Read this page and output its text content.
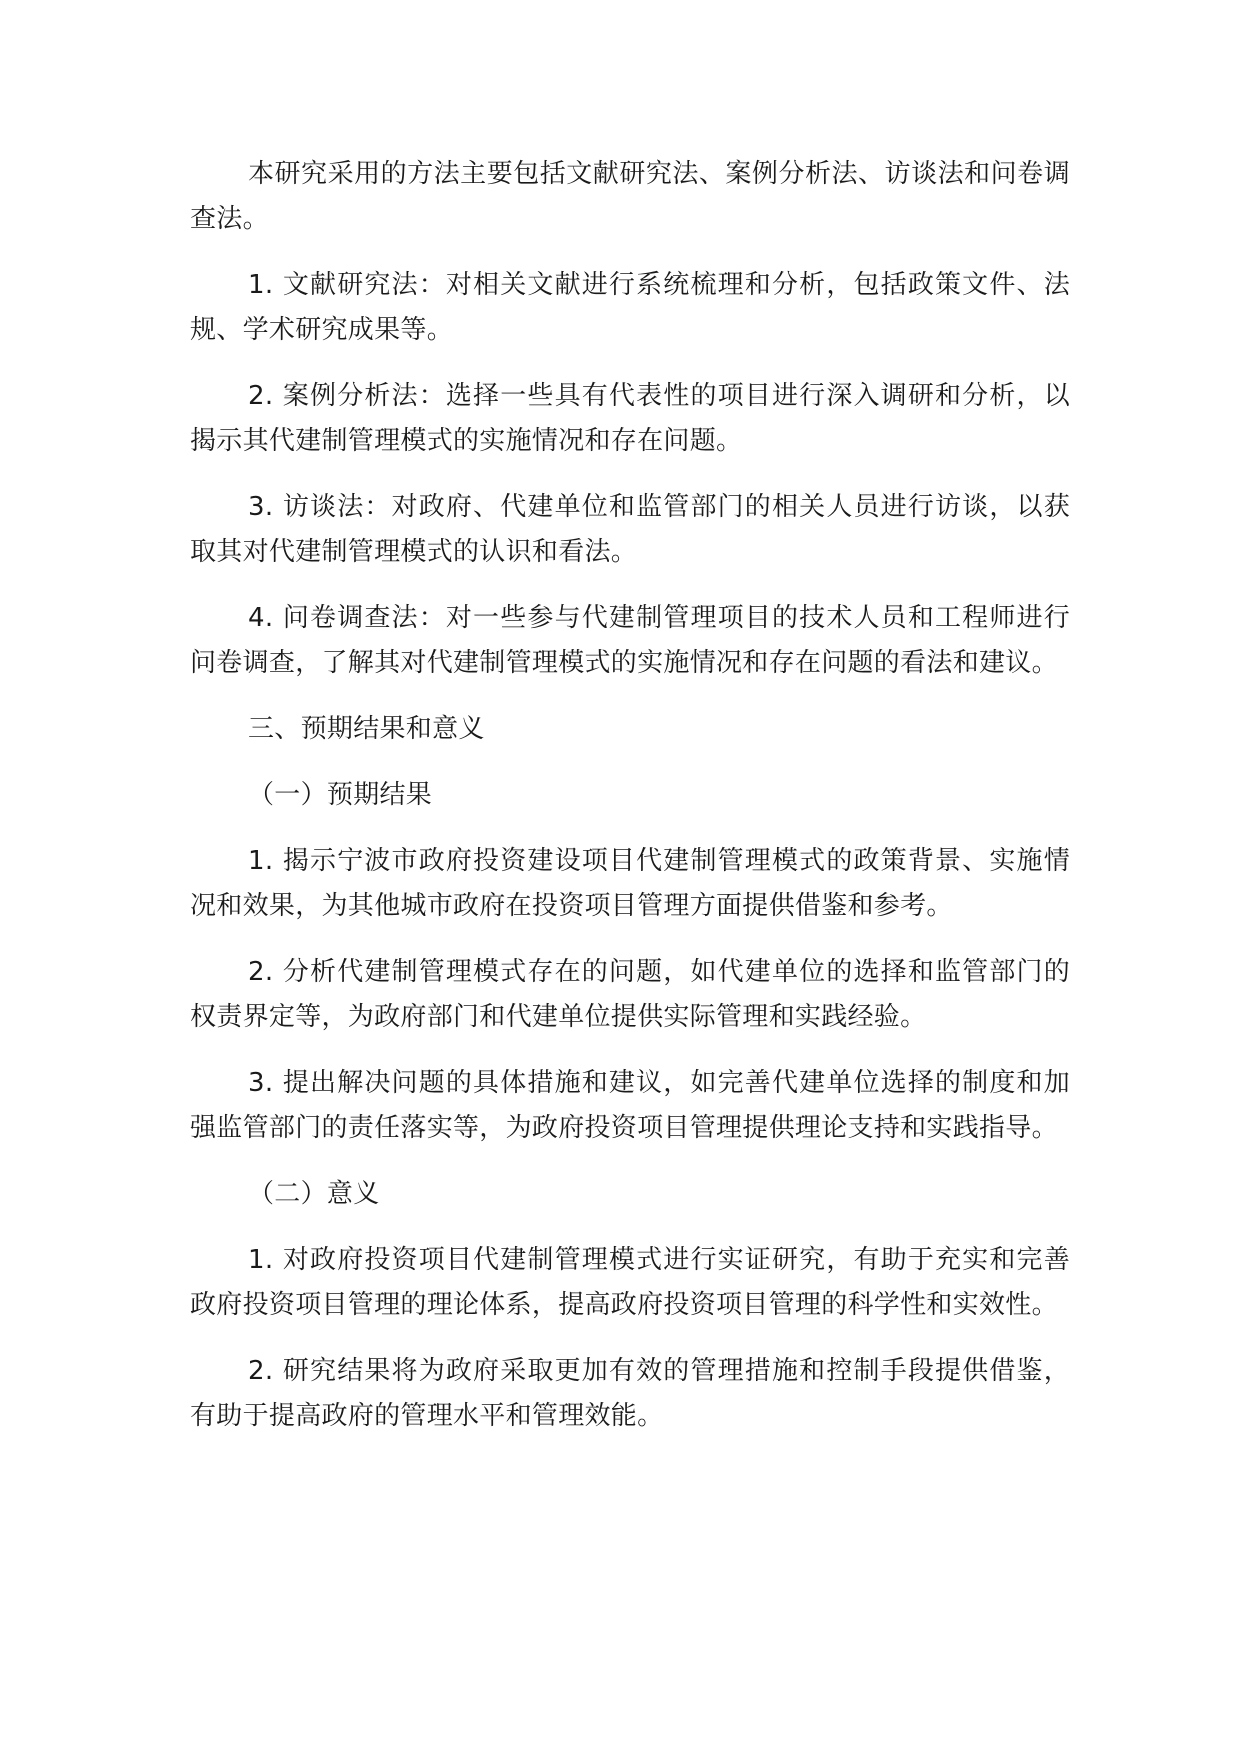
本研究采用的方法主要包括文献研究法、案例分析法、访谈法和问卷调查法。

1. 文献研究法：对相关文献进行系统梳理和分析，包括政策文件、法规、学术研究成果等。

2. 案例分析法：选择一些具有代表性的项目进行深入调研和分析，以揭示其代建制管理模式的实施情况和存在问题。

3. 访谈法：对政府、代建单位和监管部门的相关人员进行访谈，以获取其对代建制管理模式的认识和看法。

4. 问卷调查法：对一些参与代建制管理项目的技术人员和工程师进行问卷调查，了解其对代建制管理模式的实施情况和存在问题的看法和建议。

三、预期结果和意义

（一）预期结果

1. 揭示宁波市政府投资建设项目代建制管理模式的政策背景、实施情况和效果，为其他城市政府在投资项目管理方面提供借鉴和参考。

2. 分析代建制管理模式存在的问题，如代建单位的选择和监管部门的权责界定等，为政府部门和代建单位提供实际管理和实践经验。

3. 提出解决问题的具体措施和建议，如完善代建单位选择的制度和加强监管部门的责任落实等，为政府投资项目管理提供理论支持和实践指导。

（二）意义

1. 对政府投资项目代建制管理模式进行实证研究，有助于充实和完善政府投资项目管理的理论体系，提高政府投资项目管理的科学性和实效性。

2. 研究结果将为政府采取更加有效的管理措施和控制手段提供借鉴，有助于提高政府的管理水平和管理效能。
